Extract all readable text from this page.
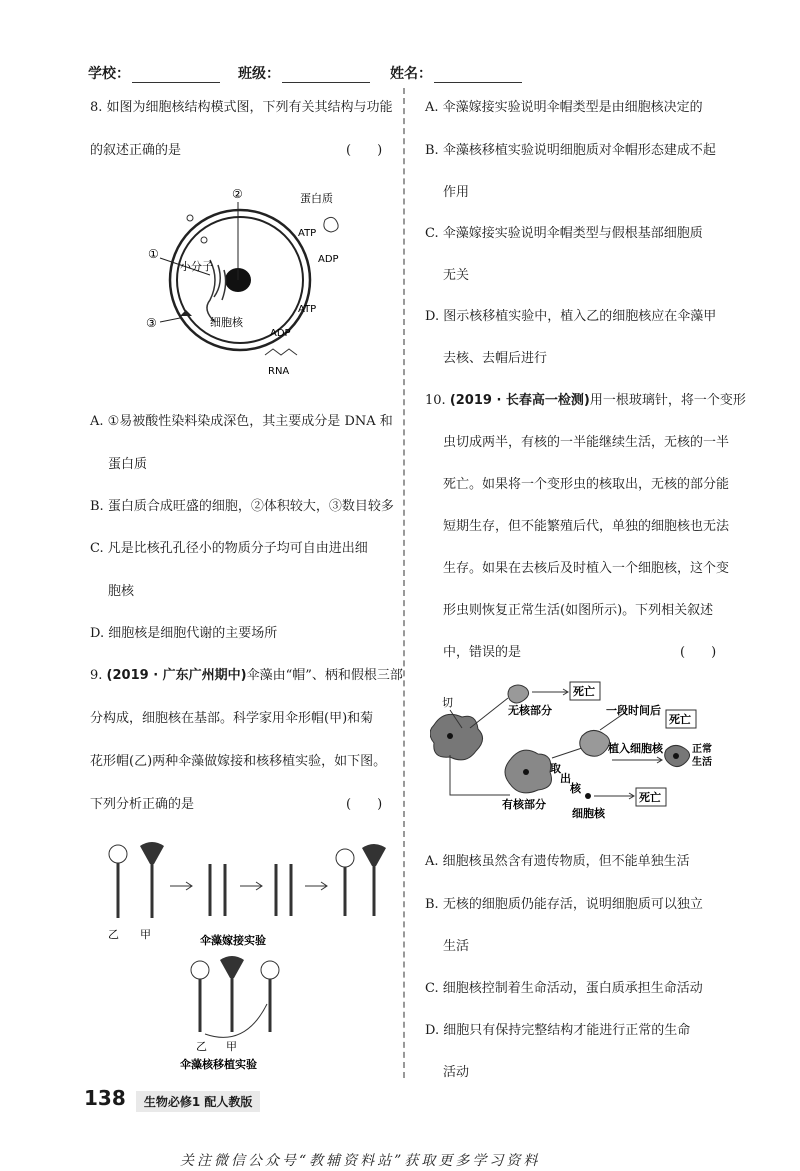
学校：	班级：	姓名：

8. 如图为细胞核结构模式图，下列有关其结构与功能

的叙述正确的是	(　　)

②
①
小分子
③	细胞核
蛋白质
ATP
ADP
ATP
ADP
RNA

A. ①易被酸性染料染成深色，其主要成分是 DNA 和

蛋白质

B. 蛋白质合成旺盛的细胞，②体积较大，③数目较多

C. 凡是比核孔孔径小的物质分子均可自由进出细

胞核

D. 细胞核是细胞代谢的主要场所

9. (2019 · 广东广州期中)伞藻由“帽”、柄和假根三部

分构成，细胞核在基部。科学家用伞形帽(甲)和菊

花形帽(乙)两种伞藻做嫁接和核移植实验，如下图。

下列分析正确的是	(　　)

乙 甲	伞藻嫁接实验
乙 甲
伞藻核移植实验

A. 伞藻嫁接实验说明伞帽类型是由细胞核决定的

B. 伞藻核移植实验说明细胞质对伞帽形态建成不起

作用

C. 伞藻嫁接实验说明伞帽类型与假根基部细胞质

无关

D. 图示核移植实验中，植入乙的细胞核应在伞藻甲

去核、去帽后进行

10. (2019 · 长春高一检测)用一根玻璃针，将一个变形

虫切成两半，有核的一半能继续生活，无核的一半

死亡。如果将一个变形虫的核取出，无核的部分能

短期生存，但不能繁殖后代，单独的细胞核也无法

生存。如果在去核后及时植入一个细胞核，这个变

形虫则恢复正常生活(如图所示)。下列相关叙述

中，错误的是	(　　)

切
无核部分
死亡
有核部分
取
出
核
细胞核
死亡
一段时间后
死亡
植入细胞核	正常
生活

A. 细胞核虽然含有遗传物质，但不能单独生活

B. 无核的细胞质仍能存活，说明细胞质可以独立

生活

C. 细胞核控制着生命活动，蛋白质承担生命活动

D. 细胞只有保持完整结构才能进行正常的生命

活动

138 生物必修1 配人教版
关注微信公众号“教辅资料站”获取更多学习资料
